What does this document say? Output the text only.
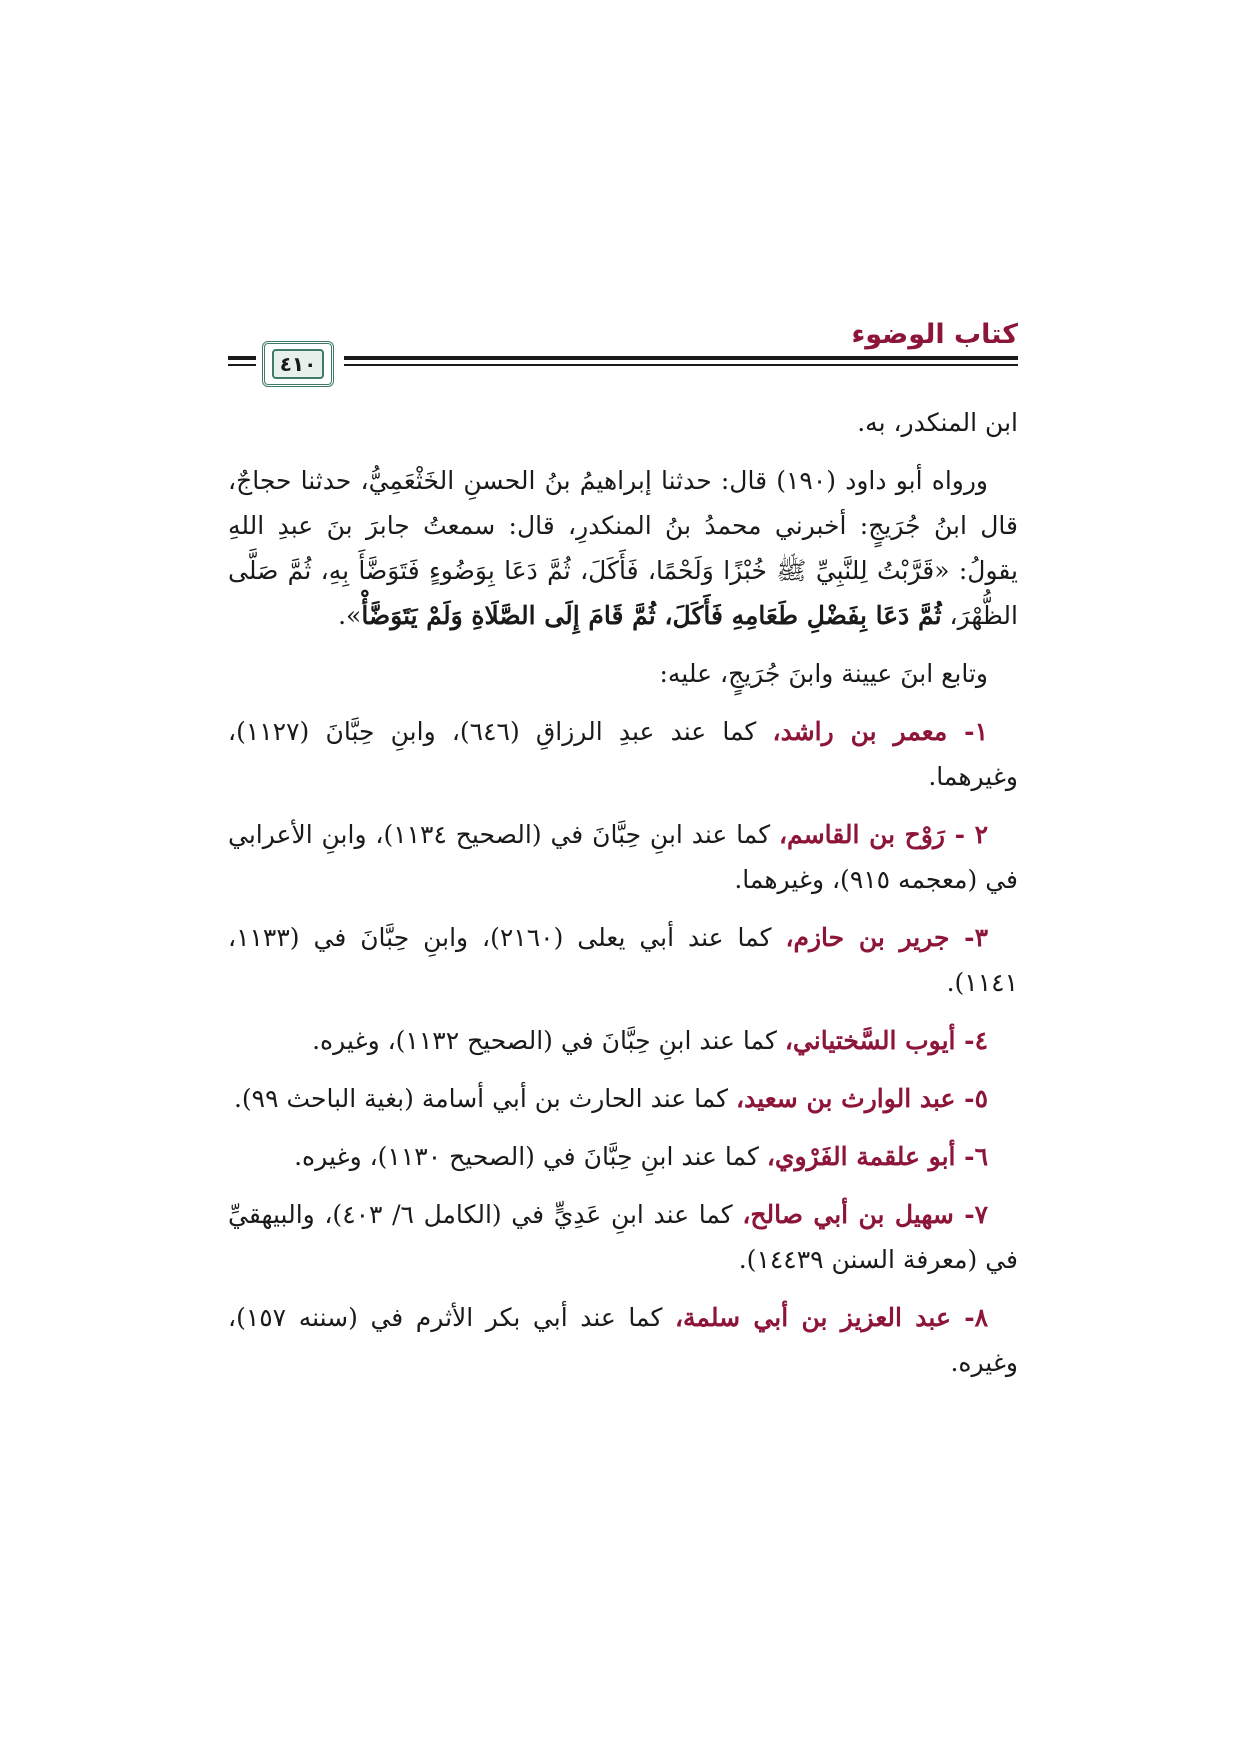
كتاب الوضوء
٤١٠

ابن المنكدر، به.

ورواه أبو داود (١٩٠) قال: حدثنا إبراهيمُ بنُ الحسنِ الخَثْعَمِيُّ، حدثنا حجاجٌ، قال ابنُ جُرَيجٍ: أخبرني محمدُ بنُ المنكدرِ، قال: سمعتُ جابرَ بنَ عبدِ اللهِ يقولُ: «قَرَّبْتُ لِلنَّبِيِّ ﷺ خُبْزًا وَلَحْمًا، فَأَكَلَ، ثُمَّ دَعَا بِوَضُوءٍ فَتَوَضَّأَ بِهِ، ثُمَّ صَلَّى الظُّهْرَ، ثُمَّ دَعَا بِفَضْلِ طَعَامِهِ فَأَكَلَ، ثُمَّ قَامَ إِلَى الصَّلَاةِ وَلَمْ يَتَوَضَّأْ».

وتابع ابنَ عيينة وابنَ جُرَيجٍ، عليه:

١- معمر بن راشد، كما عند عبدِ الرزاقِ (٦٤٦)، وابنِ حِبَّانَ (١١٢٧)، وغيرهما.

٢ - رَوْح بن القاسم، كما عند ابنِ حِبَّانَ في (الصحيح ١١٣٤)، وابنِ الأعرابي في (معجمه ٩١٥)، وغيرهما.

٣- جرير بن حازم، كما عند أبي يعلى (٢١٦٠)، وابنِ حِبَّانَ في (١١٣٣، ١١٤١).

٤- أيوب السَّختياني، كما عند ابنِ حِبَّانَ في (الصحيح ١١٣٢)، وغيره.

٥- عبد الوارث بن سعيد، كما عند الحارث بن أبي أسامة (بغية الباحث ٩٩).

٦- أبو علقمة الفَرْوي، كما عند ابنِ حِبَّانَ في (الصحيح ١١٣٠)، وغيره.

٧- سهيل بن أبي صالح، كما عند ابنِ عَدِيٍّ في (الكامل ٦/ ٤٠٣)، والبيهقيِّ في (معرفة السنن ١٤٤٣٩).

٨- عبد العزيز بن أبي سلمة، كما عند أبي بكر الأثرم في (سننه ١٥٧)، وغيره.
